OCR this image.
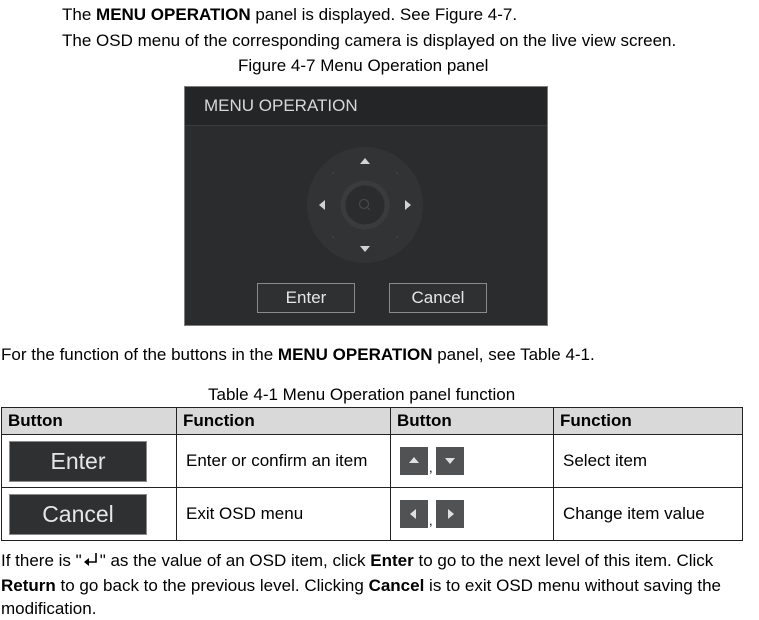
The MENU OPERATION panel is displayed. See Figure 4-7.
The OSD menu of the corresponding camera is displayed on the live view screen.
Figure 4-7 Menu Operation panel
MENU OPERATION
Enter	Cancel
For the function of the buttons in the MENU OPERATION panel, see Table 4-1.
Table 4-1 Menu Operation panel function
Button	Function	Button	Function

Enter	Enter or confirm an item	,	Select item

Cancel	Exit OSD menu	,	Change item value
If there is " " as the value of an OSD item, click Enter to go to the next level of this item. Click
Return to go back to the previous level. Clicking Cancel is to exit OSD menu without saving the
modification.
